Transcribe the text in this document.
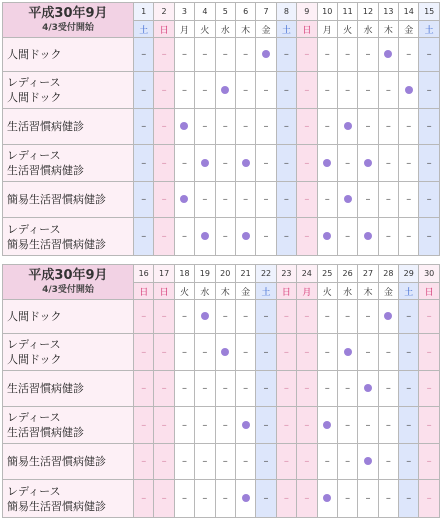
平成30年9月
4/3受付開始	1	2	3	4	5	6	7	8	9	10	11	12	13	14	15
	土	日	月	火	水	木	金	土	日	月	火	水	木	金	土

人間ドック	–	–	–	–	–	–		–	–	–	–	–		–	–

レディース
人間ドック	–	–	–	–		–	–	–	–	–	–	–	–		–

生活習慣病健診	–	–		–	–	–	–	–	–	–		–	–	–	–

レディース
生活習慣病健診	–	–	–		–		–	–	–		–		–	–	–

簡易生活習慣病健診	–	–		–	–	–	–	–	–	–		–	–	–	–

レディース
簡易生活習慣病健診	–	–	–		–		–	–	–		–		–	–	–
平成30年9月
4/3受付開始	16	17	18	19	20	21	22	23	24	25	26	27	28	29	30
	日	日	火	水	木	金	土	日	月	火	水	木	金	土	日

人間ドック	–	–	–		–	–	–	–	–	–	–	–		–	–

レディース
人間ドック	–	–	–	–		–	–	–	–	–		–	–	–	–

生活習慣病健診	–	–	–	–	–	–	–	–	–	–	–		–	–	–

レディース
生活習慣病健診	–	–	–	–	–		–	–	–		–	–	–	–	–

簡易生活習慣病健診	–	–	–	–	–	–	–	–	–	–	–		–	–	–

レディース
簡易生活習慣病健診	–	–	–	–	–		–	–	–		–	–	–	–	–
